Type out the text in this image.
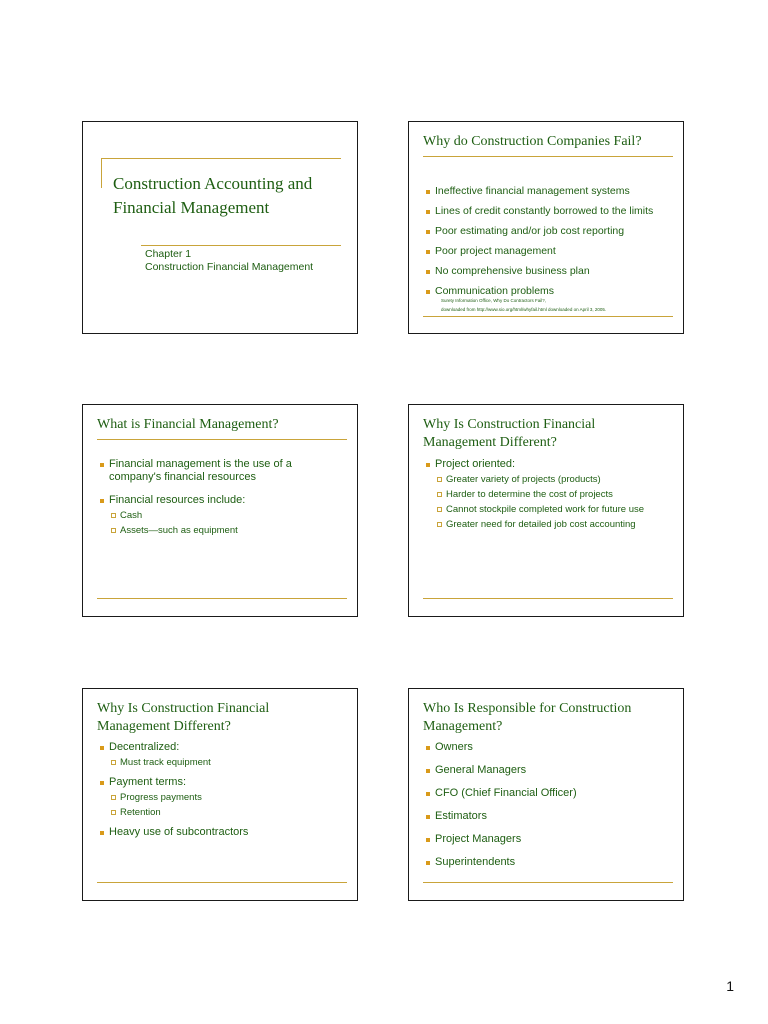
Construction Accounting and Financial Management
Chapter 1
Construction Financial Management
Why do Construction Companies Fail?
Ineffective financial management systems
Lines of credit constantly borrowed to the limits
Poor estimating and/or job cost reporting
Poor project management
No comprehensive business plan
Communication problems
Surety Information Office, Why Do Contractors Fail?,
downloaded from http://www.sio.org/html/whyfail.html downloaded on April 3, 2005.
What is Financial Management?
Financial management is the use of a company's financial resources
Financial resources include:
Cash
Assets—such as equipment
Why Is Construction Financial Management Different?
Project oriented:
Greater variety of projects (products)
Harder to determine the cost of projects
Cannot stockpile completed work for future use
Greater need for detailed job cost accounting
Why Is Construction Financial Management Different?
Decentralized:
Must track equipment
Payment terms:
Progress payments
Retention
Heavy use of subcontractors
Who Is Responsible for Construction Management?
Owners
General Managers
CFO (Chief Financial Officer)
Estimators
Project Managers
Superintendents
1
